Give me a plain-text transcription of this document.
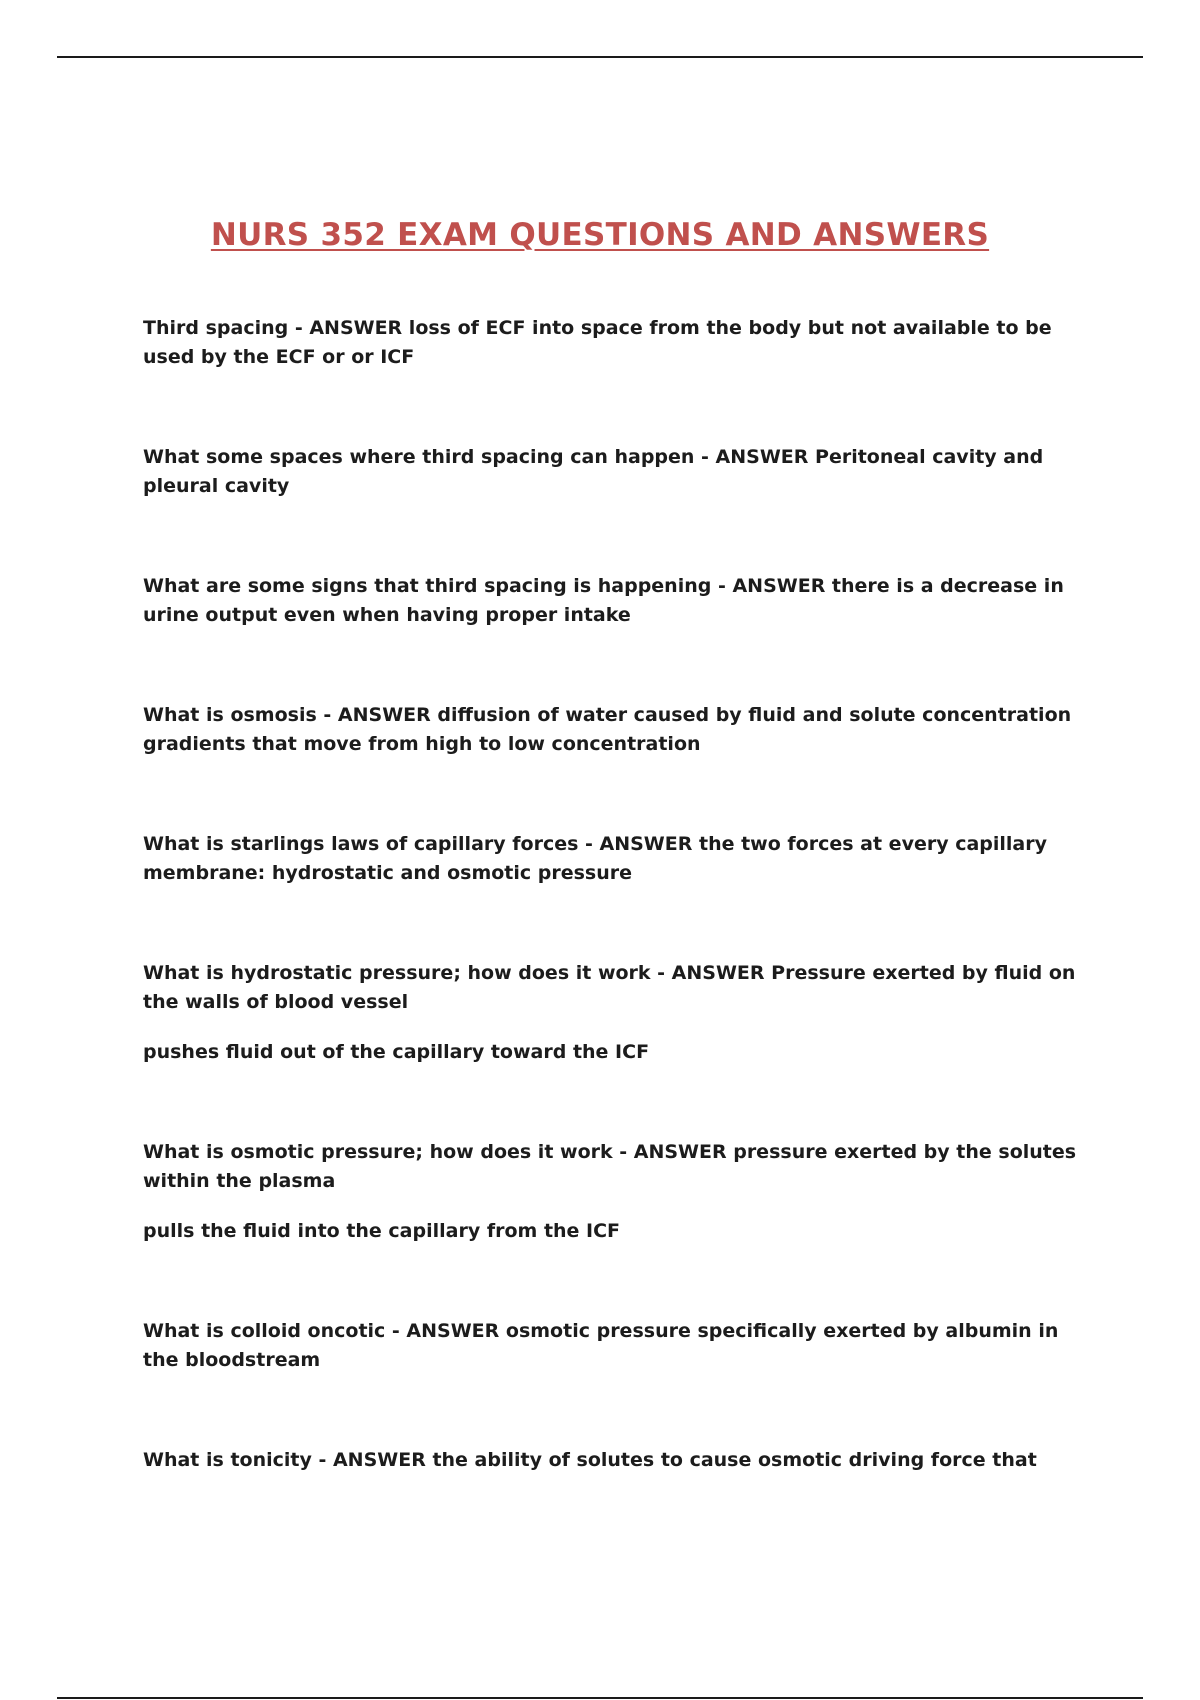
NURS 352 EXAM QUESTIONS AND ANSWERS

Third spacing - ANSWER loss of ECF into space from the body but not available to be used by the ECF or or ICF

What some spaces where third spacing can happen - ANSWER Peritoneal cavity and pleural cavity

What are some signs that third spacing is happening - ANSWER there is a decrease in urine output even when having proper intake

What is osmosis - ANSWER diffusion of water caused by fluid and solute concentration gradients that move from high to low concentration

What is starlings laws of capillary forces - ANSWER the two forces at every capillary membrane: hydrostatic and osmotic pressure

What is hydrostatic pressure; how does it work - ANSWER Pressure exerted by fluid on the walls of blood vessel

pushes fluid out of the capillary toward the ICF

What is osmotic pressure; how does it work - ANSWER pressure exerted by the solutes within the plasma

pulls the fluid into the capillary from the ICF

What is colloid oncotic - ANSWER osmotic pressure specifically exerted by albumin in the bloodstream

What is tonicity - ANSWER the ability of solutes to cause osmotic driving force that
